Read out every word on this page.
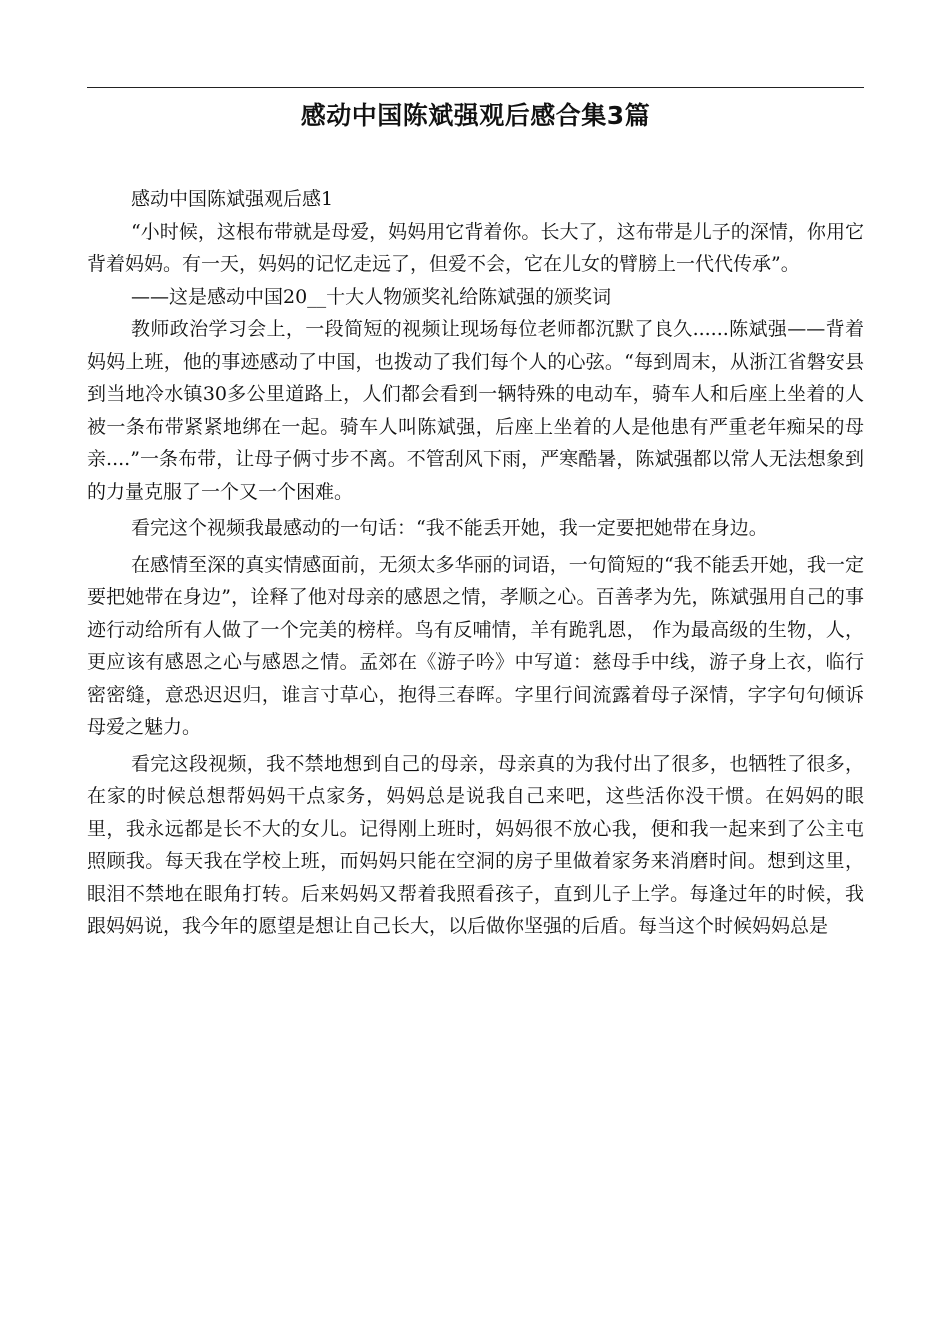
感动中国陈斌强观后感合集3篇

感动中国陈斌强观后感1

“小时候，这根布带就是母爱，妈妈用它背着你。长大了，这布带是儿子的深情，你用它背着妈妈。有一天，妈妈的记忆走远了，但爱不会，它在儿女的臂膀上一代代传承”。

——这是感动中国20__十大人物颁奖礼给陈斌强的颁奖词

教师政治学习会上，一段简短的视频让现场每位老师都沉默了良久......陈斌强——背着妈妈上班，他的事迹感动了中国，也拨动了我们每个人的心弦。“每到周末，从浙江省磐安县到当地冷水镇30多公里道路上，人们都会看到一辆特殊的电动车，骑车人和后座上坐着的人被一条布带紧紧地绑在一起。骑车人叫陈斌强，后座上坐着的人是他患有严重老年痴呆的母亲....”一条布带，让母子俩寸步不离。不管刮风下雨，严寒酷暑，陈斌强都以常人无法想象到的力量克服了一个又一个困难。

看完这个视频我最感动的一句话：“我不能丢开她，我一定要把她带在身边。

在感情至深的真实情感面前，无须太多华丽的词语，一句简短的“我不能丢开她，我一定要把她带在身边”，诠释了他对母亲的感恩之情，孝顺之心。百善孝为先，陈斌强用自己的事迹行动给所有人做了一个完美的榜样。鸟有反哺情，羊有跪乳恩， 作为最高级的生物，人，更应该有感恩之心与感恩之情。孟郊在《游子吟》中写道：慈母手中线，游子身上衣，临行密密缝，意恐迟迟归，谁言寸草心，抱得三春晖。字里行间流露着母子深情，字字句句倾诉母爱之魅力。

看完这段视频，我不禁地想到自己的母亲，母亲真的为我付出了很多，也牺牲了很多，在家的时候总想帮妈妈干点家务，妈妈总是说我自己来吧，这些活你没干惯。在妈妈的眼里，我永远都是长不大的女儿。记得刚上班时，妈妈很不放心我，便和我一起来到了公主屯照顾我。每天我在学校上班，而妈妈只能在空洞的房子里做着家务来消磨时间。想到这里，眼泪不禁地在眼角打转。后来妈妈又帮着我照看孩子，直到儿子上学。每逢过年的时候，我跟妈妈说，我今年的愿望是想让自己长大，以后做你坚强的后盾。每当这个时候妈妈总是
